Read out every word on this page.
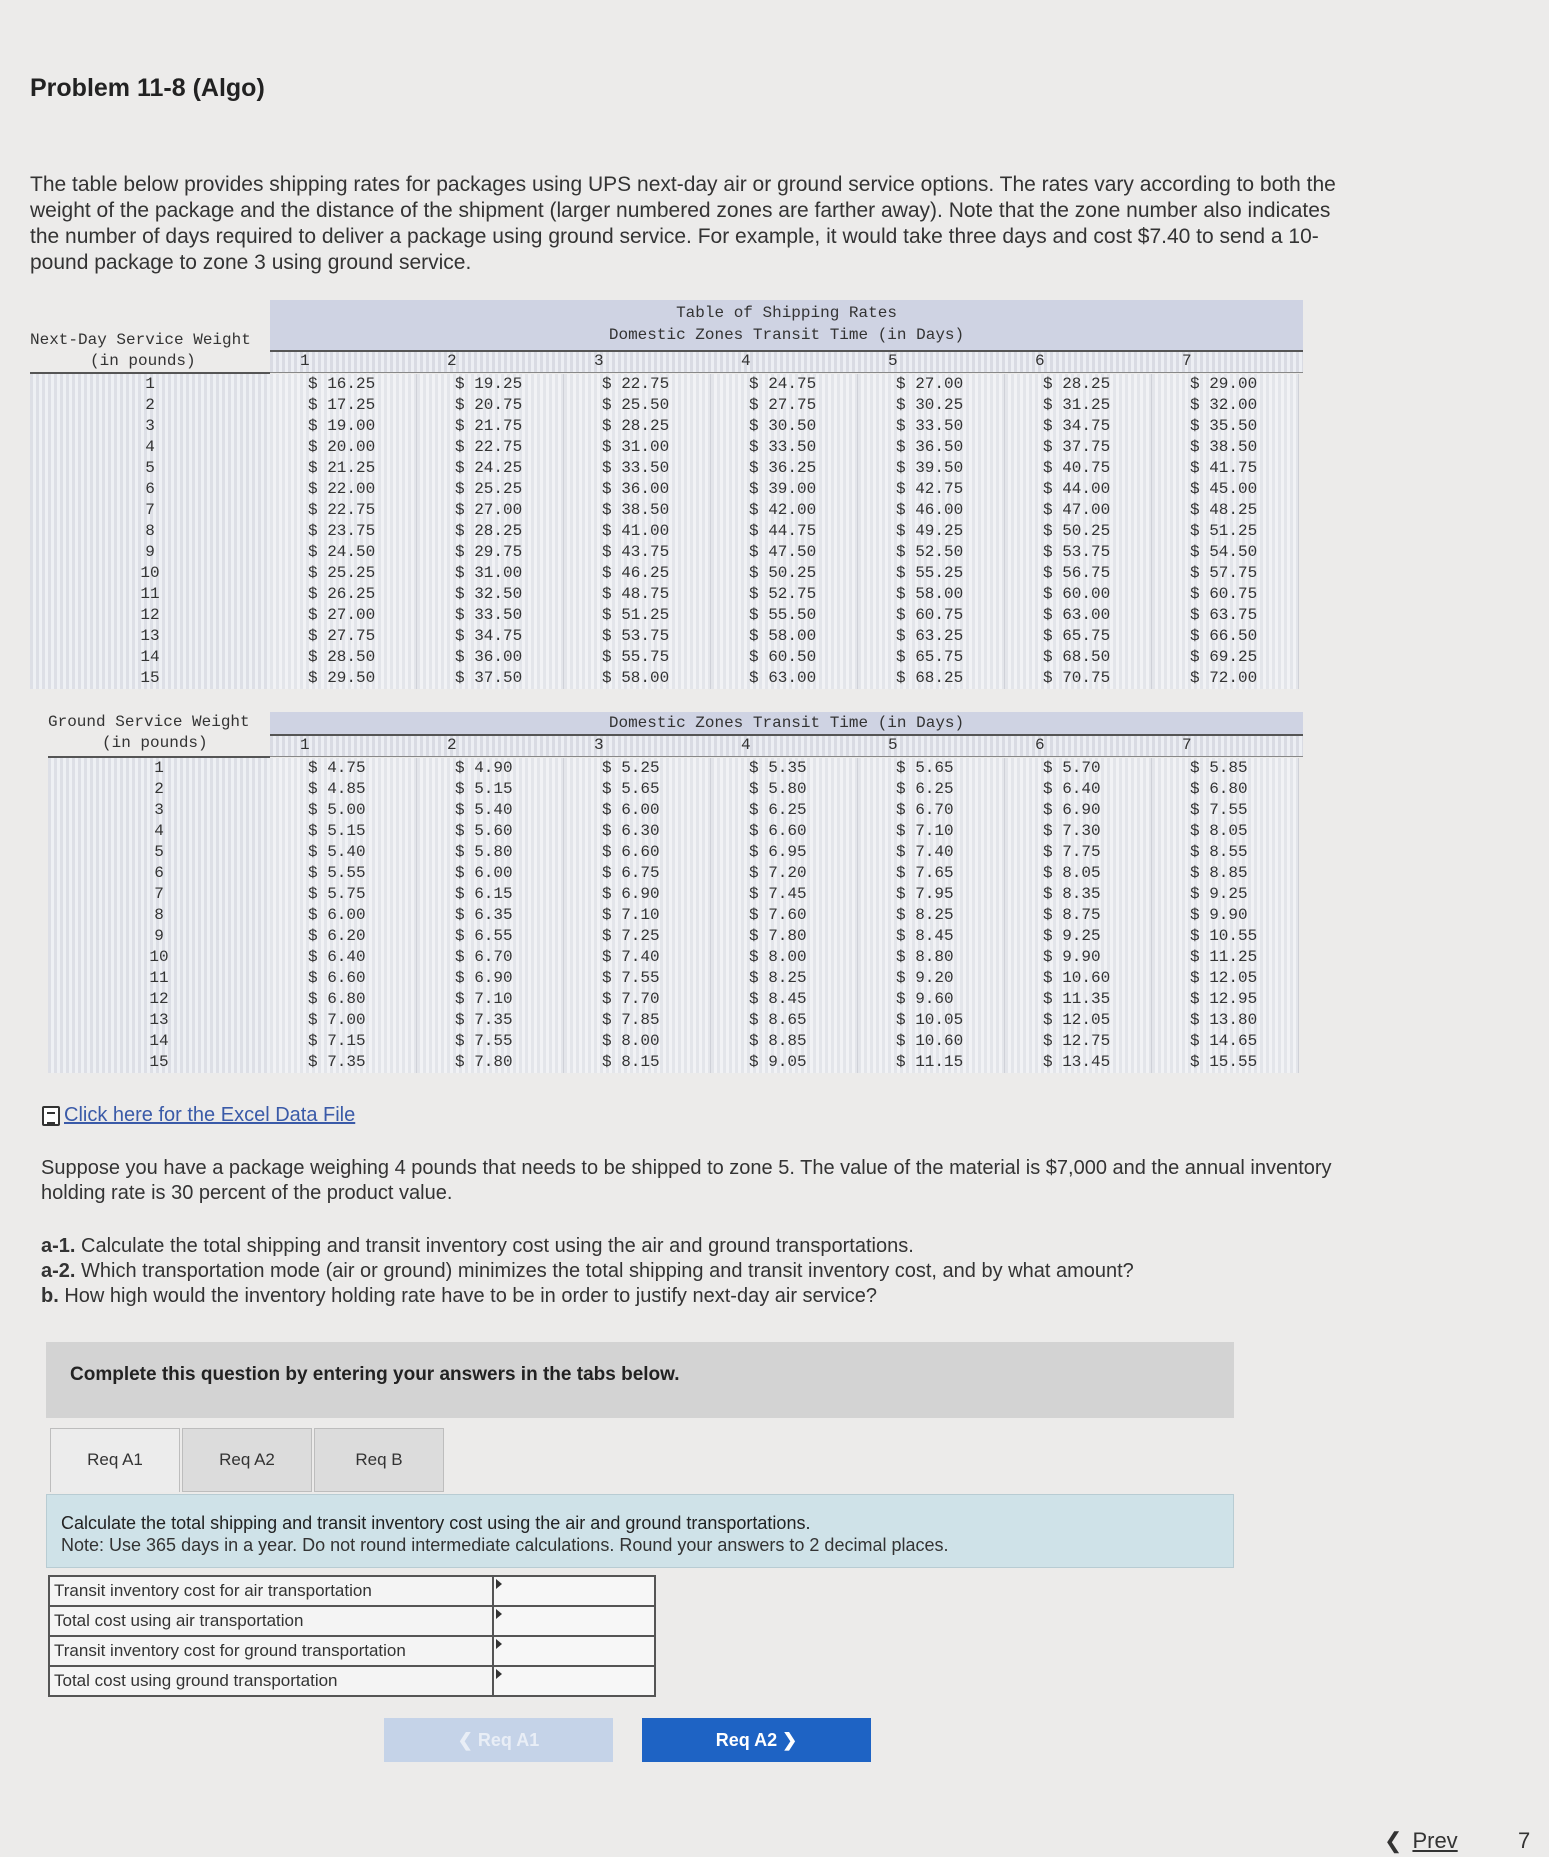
Problem 11-8 (Algo)
The table below provides shipping rates for packages using UPS next-day air or ground service options. The rates vary according to both the weight of the package and the distance of the shipment (larger numbered zones are farther away). Note that the zone number also indicates the number of days required to deliver a package using ground service. For example, it would take three days and cost $7.40 to send a 10-pound package to zone 3 using ground service.
Table of Shipping Rates
Domestic Zones Transit Time (in Days)
Next-Day Service Weight
(in pounds)	1	2	3	4	5	6	7
1	$ 16.25	$ 19.25	$ 22.75	$ 24.75	$ 27.00	$ 28.25	$ 29.00
2	$ 17.25	$ 20.75	$ 25.50	$ 27.75	$ 30.25	$ 31.25	$ 32.00
3	$ 19.00	$ 21.75	$ 28.25	$ 30.50	$ 33.50	$ 34.75	$ 35.50
4	$ 20.00	$ 22.75	$ 31.00	$ 33.50	$ 36.50	$ 37.75	$ 38.50
5	$ 21.25	$ 24.25	$ 33.50	$ 36.25	$ 39.50	$ 40.75	$ 41.75
6	$ 22.00	$ 25.25	$ 36.00	$ 39.00	$ 42.75	$ 44.00	$ 45.00
7	$ 22.75	$ 27.00	$ 38.50	$ 42.00	$ 46.00	$ 47.00	$ 48.25
8	$ 23.75	$ 28.25	$ 41.00	$ 44.75	$ 49.25	$ 50.25	$ 51.25
9	$ 24.50	$ 29.75	$ 43.75	$ 47.50	$ 52.50	$ 53.75	$ 54.50
10	$ 25.25	$ 31.00	$ 46.25	$ 50.25	$ 55.25	$ 56.75	$ 57.75
11	$ 26.25	$ 32.50	$ 48.75	$ 52.75	$ 58.00	$ 60.00	$ 60.75
12	$ 27.00	$ 33.50	$ 51.25	$ 55.50	$ 60.75	$ 63.00	$ 63.75
13	$ 27.75	$ 34.75	$ 53.75	$ 58.00	$ 63.25	$ 65.75	$ 66.50
14	$ 28.50	$ 36.00	$ 55.75	$ 60.50	$ 65.75	$ 68.50	$ 69.25
15	$ 29.50	$ 37.50	$ 58.00	$ 63.00	$ 68.25	$ 70.75	$ 72.00
Domestic Zones Transit Time (in Days)
Ground Service Weight
(in pounds)	1	2	3	4	5	6	7
1	$ 4.75	$ 4.90	$ 5.25	$ 5.35	$ 5.65	$ 5.70	$ 5.85
2	$ 4.85	$ 5.15	$ 5.65	$ 5.80	$ 6.25	$ 6.40	$ 6.80
3	$ 5.00	$ 5.40	$ 6.00	$ 6.25	$ 6.70	$ 6.90	$ 7.55
4	$ 5.15	$ 5.60	$ 6.30	$ 6.60	$ 7.10	$ 7.30	$ 8.05
5	$ 5.40	$ 5.80	$ 6.60	$ 6.95	$ 7.40	$ 7.75	$ 8.55
6	$ 5.55	$ 6.00	$ 6.75	$ 7.20	$ 7.65	$ 8.05	$ 8.85
7	$ 5.75	$ 6.15	$ 6.90	$ 7.45	$ 7.95	$ 8.35	$ 9.25
8	$ 6.00	$ 6.35	$ 7.10	$ 7.60	$ 8.25	$ 8.75	$ 9.90
9	$ 6.20	$ 6.55	$ 7.25	$ 7.80	$ 8.45	$ 9.25	$ 10.55
10	$ 6.40	$ 6.70	$ 7.40	$ 8.00	$ 8.80	$ 9.90	$ 11.25
11	$ 6.60	$ 6.90	$ 7.55	$ 8.25	$ 9.20	$ 10.60	$ 12.05
12	$ 6.80	$ 7.10	$ 7.70	$ 8.45	$ 9.60	$ 11.35	$ 12.95
13	$ 7.00	$ 7.35	$ 7.85	$ 8.65	$ 10.05	$ 12.05	$ 13.80
14	$ 7.15	$ 7.55	$ 8.00	$ 8.85	$ 10.60	$ 12.75	$ 14.65
15	$ 7.35	$ 7.80	$ 8.15	$ 9.05	$ 11.15	$ 13.45	$ 15.55
Click here for the Excel Data File
Suppose you have a package weighing 4 pounds that needs to be shipped to zone 5. The value of the material is $7,000 and the annual inventory holding rate is 30 percent of the product value.
a-1. Calculate the total shipping and transit inventory cost using the air and ground transportations.
a-2. Which transportation mode (air or ground) minimizes the total shipping and transit inventory cost, and by what amount?
b. How high would the inventory holding rate have to be in order to justify next-day air service?
Complete this question by entering your answers in the tabs below.
Req A1	Req A2	Req B
Calculate the total shipping and transit inventory cost using the air and ground transportations.
Note: Use 365 days in a year. Do not round intermediate calculations. Round your answers to 2 decimal places.
Transit inventory cost for air transportation	

Total cost using air transportation	

Transit inventory cost for ground transportation	

Total cost using ground transportation	
❮ Req A1	Req A2 ❯
❮ Prev	7
